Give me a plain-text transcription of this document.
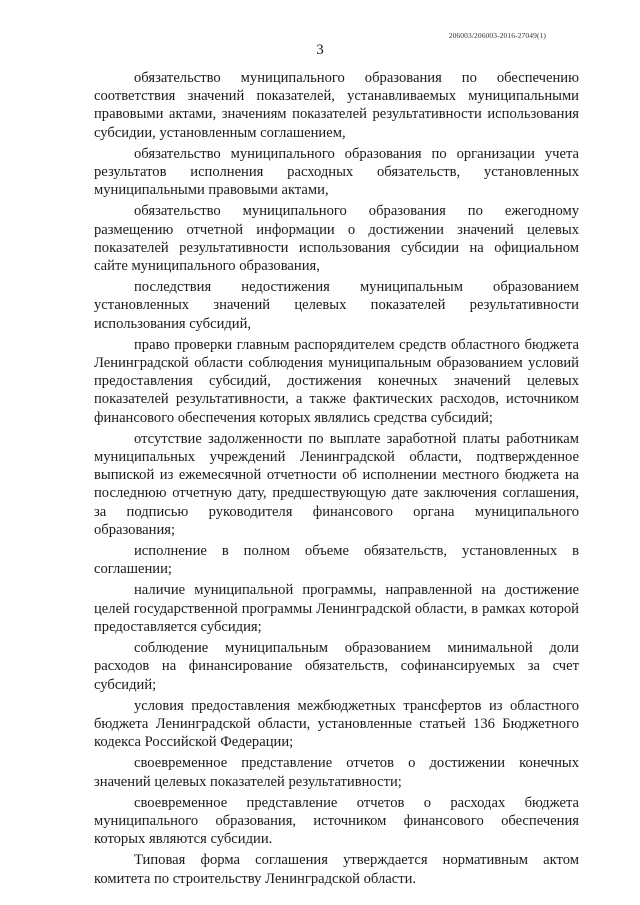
206003/206003-2016-27049(1)
3

обязательство муниципального образования по обеспечению соответствия значений показателей, устанавливаемых муниципальными правовыми актами, значениям показателей результативности использования субсидии, установленным соглашением,

обязательство муниципального образования по организации учета результатов исполнения расходных обязательств, установленных муниципальными правовыми актами,

обязательство муниципального образования по ежегодному размещению отчетной информации о достижении значений целевых показателей результативности использования субсидии на официальном сайте муниципального образования,

последствия недостижения муниципальным образованием установленных значений целевых показателей результативности использования субсидий,

право проверки главным распорядителем средств областного бюджета Ленинградской области соблюдения муниципальным образованием условий предоставления субсидий, достижения конечных значений целевых показателей результативности, а также фактических расходов, источником финансового обеспечения которых являлись средства субсидий;

отсутствие задолженности по выплате заработной платы работникам муниципальных учреждений Ленинградской области, подтвержденное выпиской из ежемесячной отчетности об исполнении местного бюджета на последнюю отчетную дату, предшествующую дате заключения соглашения, за подписью руководителя финансового органа муниципального образования;

исполнение в полном объеме обязательств, установленных в соглашении;

наличие муниципальной программы, направленной на достижение целей государственной программы Ленинградской области, в рамках которой предоставляется субсидия;

соблюдение муниципальным образованием минимальной доли расходов на финансирование обязательств, софинансируемых за счет субсидий;

условия предоставления межбюджетных трансфертов из областного бюджета Ленинградской области, установленные статьей 136 Бюджетного кодекса Российской Федерации;

своевременное представление отчетов о достижении конечных значений целевых показателей результативности;

своевременное представление отчетов о расходах бюджета муниципального образования, источником финансового обеспечения которых являются субсидии.

Типовая форма соглашения утверждается нормативным актом комитета по строительству Ленинградской области.
